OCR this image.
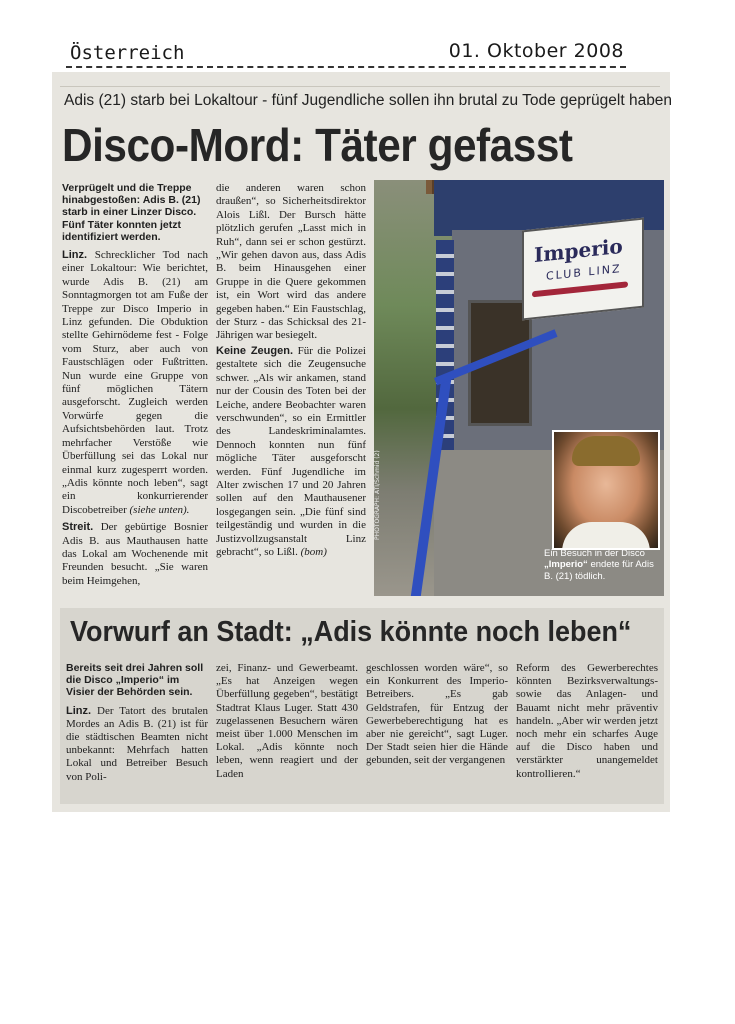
Österreich	01. Oktober 2008
Adis (21) starb bei Lokaltour - fünf Jugendliche sollen ihn brutal zu Tode geprügelt haben
Disco-Mord: Täter gefasst

Verprügelt und die Treppe hinabgestoßen: Adis B. (21) starb in einer Linzer Disco. Fünf Täter konnten jetzt identifiziert werden.

Linz. Schrecklicher Tod nach einer Lokaltour: Wie berichtet, wurde Adis B. (21) am Sonntagmorgen tot am Fuße der Treppe zur Disco Imperio in Linz gefunden. Die Obduktion stellte Gehirnödeme fest - Folge vom Sturz, aber auch von Faustschlägen oder Fußtritten. Nun wurde eine Gruppe von fünf möglichen Tätern ausgeforscht. Zugleich werden Vorwürfe gegen die Aufsichtsbehörden laut. Trotz mehrfacher Verstöße wie Überfüllung sei das Lokal nur einmal kurz zugesperrt worden. „Adis könnte noch leben“, sagt ein konkurrierender Discobetreiber (siehe unten).

Streit. Der gebürtige Bosnier Adis B. aus Mauthausen hatte das Lokal am Wochenende mit Freunden besucht. „Sie waren beim Heimgehen,

die anderen waren schon draußen“, so Sicherheitsdirektor Alois Lißl. Der Bursch hätte plötzlich gerufen „Lasst mich in Ruh“, dann sei er schon gestürzt. „Wir gehen davon aus, dass Adis B. beim Hinausgehen einer Gruppe in die Quere gekommen ist, ein Wort wird das andere gegeben haben.“ Ein Faustschlag, der Sturz - das Schicksal des 21-Jährigen war besiegelt.

Keine Zeugen. Für die Polizei gestaltete sich die Zeugensuche schwer. „Als wir ankamen, stand nur der Cousin des Toten bei der Leiche, andere Beobachter waren verschwunden“, so ein Ermittler des Landeskriminalamtes. Dennoch konnten nun fünf mögliche Täter ausgeforscht werden. Fünf Jugendliche im Alter zwischen 17 und 20 Jahren sollen auf den Mauthausener losgegangen sein. „Die fünf sind teilgeständig und wurden in die Justizvollzugsanstalt Linz gebracht“, so Lißl. (bom)

Imperio
CLUB LINZ
PHOTOGRAPH: ATI/Schmid (2)
Ein Besuch in der Disco „Imperio“ endete für Adis B. (21) tödlich.
Vorwurf an Stadt: „Adis könnte noch leben“

Bereits seit drei Jahren soll die Disco „Imperio“ im Visier der Behörden sein.

Linz. Der Tatort des brutalen Mordes an Adis B. (21) ist für die städtischen Beamten nicht unbekannt: Mehrfach hatten Lokal und Betreiber Besuch von Poli-

zei, Finanz- und Gewerbeamt. „Es hat Anzeigen wegen Überfüllung gegeben“, bestätigt Stadtrat Klaus Luger. Statt 430 zugelassenen Besuchern wären meist über 1.000 Menschen im Lokal. „Adis könnte noch leben, wenn reagiert und der Laden

geschlossen worden wäre“, so ein Konkurrent des Imperio-Betreibers. „Es gab Geldstrafen, für Entzug der Gewerbeberechtigung hat es aber nie gereicht“, sagt Luger. Der Stadt seien hier die Hände gebunden, seit der vergangenen

Reform des Gewerberechtes könnten Bezirksverwaltungs- sowie das Anlagen- und Bauamt nicht mehr präventiv handeln. „Aber wir werden jetzt noch mehr ein scharfes Auge auf die Disco haben und verstärkter unangemeldet kontrollieren.“
